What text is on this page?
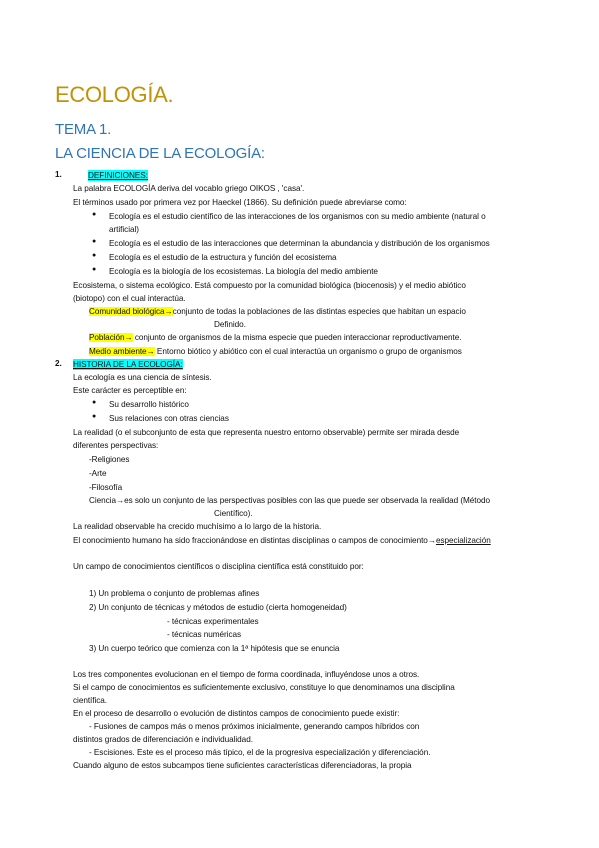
ECOLOGÍA.
TEMA 1.
LA CIENCIA DE LA ECOLOGÍA:
1.	DEFINICIONES:
La palabra ECOLOGÍA deriva del vocablo griego OIKOS , 'casa'.
El términos usado por primera vez por Haeckel (1866). Su definición puede abreviarse como:
● Ecología es el estudio científico de las interacciones de los organismos con su medio ambiente (natural o
artificial)
● Ecología es el estudio de las interacciones que determinan la abundancia y distribución de los organismos
● Ecología es el estudio de la estructura y función del ecosistema
● Ecología es la biología de los ecosistemas. La biología del medio ambiente
Ecosistema, o sistema ecológico. Está compuesto por la comunidad biológica (biocenosis) y el medio abiótico
(biotopo) con el cual interactúa.
Comunidad biológica→conjunto de todas la poblaciones de las distintas especies que habitan un espacio
Definido.
Población→ conjunto de organismos de la misma especie que pueden interaccionar reproductivamente.
Medio ambiente→ Entorno biótico y abiótico con el cual interactúa un organismo o grupo de organismos
2. HISTORIA DE LA ECOLOGÍA:
La ecología es una ciencia de síntesis.
Este carácter es perceptible en:
● Su desarrollo histórico
● Sus relaciones con otras ciencias
La realidad (o el subconjunto de esta que representa nuestro entorno observable) permite ser mirada desde
diferentes perspectivas:
-Religiones
-Arte
-Filosofía
Ciencia→es solo un conjunto de las perspectivas posibles con las que puede ser observada la realidad (Método
Científico).
La realidad observable ha crecido muchísimo a lo largo de la historia.
El conocimiento humano ha sido fraccionándose en distintas disciplinas o campos de conocimiento→especialización
Un campo de conocimientos científicos o disciplina científica está constituido por:
1) Un problema o conjunto de problemas afines
2) Un conjunto de técnicas y métodos de estudio (cierta homogeneidad)
- técnicas experimentales
- técnicas numéricas
3) Un cuerpo teórico que comienza con la 1ª hipótesis que se enuncia
Los tres componentes evolucionan en el tiempo de forma coordinada, influyéndose unos a otros.
Si el campo de conocimientos es suficientemente exclusivo, constituye lo que denominamos una disciplina
científica.
En el proceso de desarrollo o evolución de distintos campos de conocimiento puede existir:
- Fusiones de campos más o menos próximos inicialmente, generando campos híbridos con
distintos grados de diferenciación e individualidad.
- Escisiones. Este es el proceso más típico, el de la progresiva especialización y diferenciación.
Cuando alguno de estos subcampos tiene suficientes características diferenciadoras, la propia
